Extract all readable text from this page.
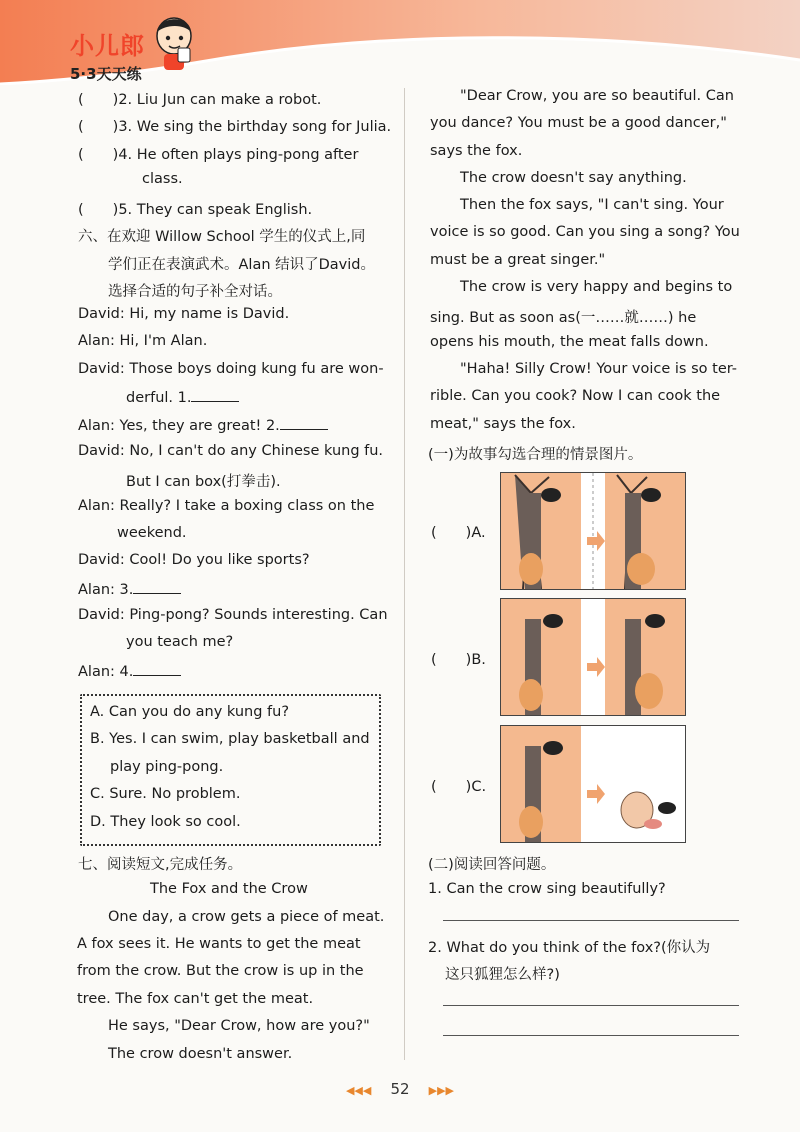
小儿郎
5·3天天练
(　　)2. Liu Jun can make a robot.
(　　)3. We sing the birthday song for Julia.
(　　)4. He often plays ping-pong after
class.
(　　)5. They can speak English.
六、在欢迎 Willow School 学生的仪式上,同
学们正在表演武术。Alan 结识了David。
选择合适的句子补全对话。
David: Hi, my name is David.
Alan: Hi, I'm Alan.
David: Those boys doing kung fu are won-
derful. 1.
Alan: Yes, they are great! 2.
David: No, I can't do any Chinese kung fu.
But I can box(打拳击).
Alan: Really? I take a boxing class on the
weekend.
David: Cool! Do you like sports?
Alan: 3.
David: Ping-pong? Sounds interesting. Can
you teach me?
Alan: 4.
A. Can you do any kung fu?
B. Yes. I can swim, play basketball and
play ping-pong.
C. Sure. No problem.
D. They look so cool.
七、阅读短文,完成任务。
The Fox and the Crow
One day, a crow gets a piece of meat.
A fox sees it. He wants to get the meat
from the crow. But the crow is up in the
tree. The fox can't get the meat.
He says, "Dear Crow, how are you?"
The crow doesn't answer.
"Dear Crow, you are so beautiful. Can
you dance? You must be a good dancer,"
says the fox.
The crow doesn't say anything.
Then the fox says, "I can't sing. Your
voice is so good. Can you sing a song? You
must be a great singer."
The crow is very happy and begins to
sing. But as soon as(一……就……) he
opens his mouth, the meat falls down.
"Haha! Silly Crow! Your voice is so ter-
rible. Can you cook? Now I can cook the
meat," says the fox.
(一)为故事勾选合理的情景图片。
(　　)A.
(　　)B.
(　　)C.
(二)阅读回答问题。
1. Can the crow sing beautifully?
2. What do you think of the fox?(你认为
这只狐狸怎么样?)
◀◀◀ 52 ▶▶▶
